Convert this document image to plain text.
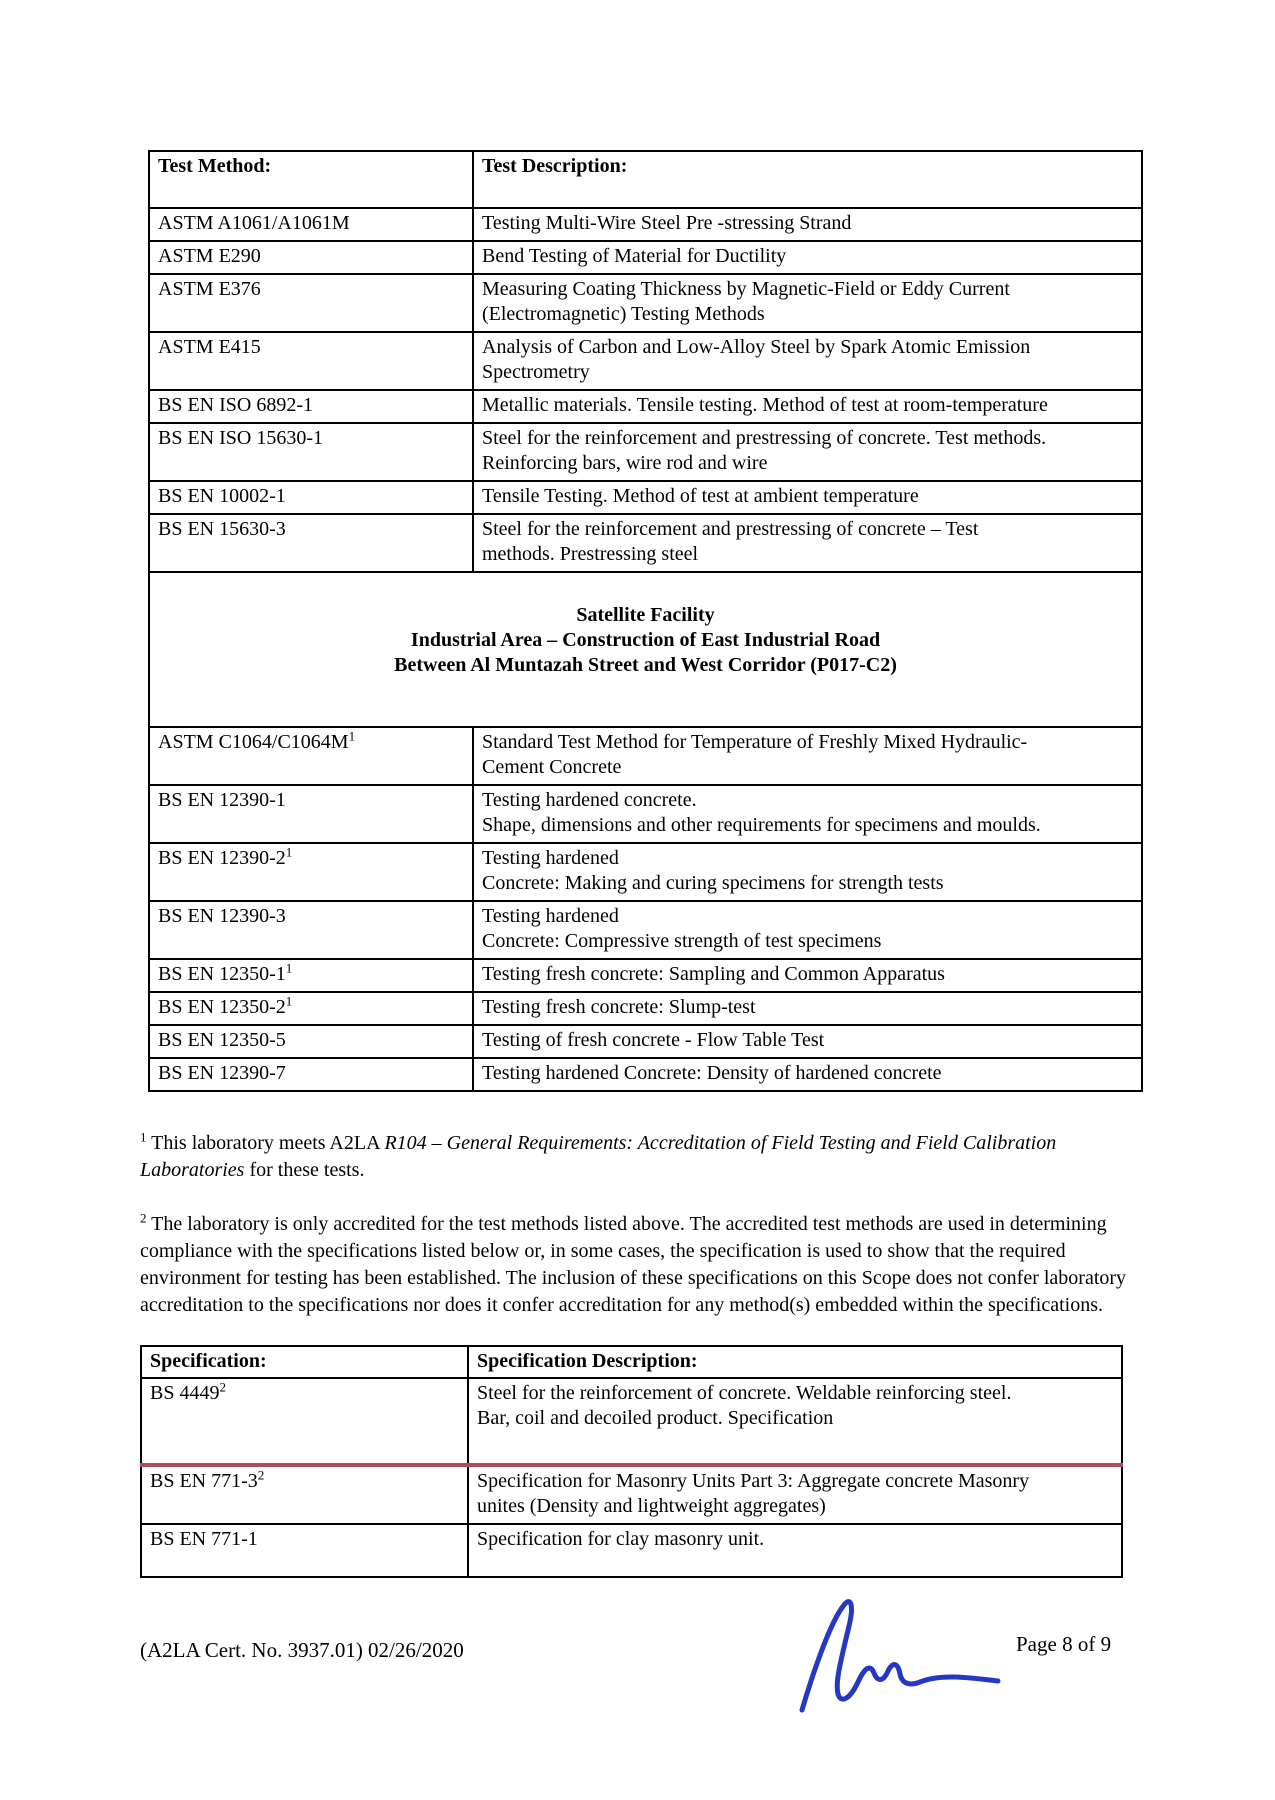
Test Method:	Test Description:
ASTM A1061/A1061M	Testing Multi-Wire Steel Pre -stressing Strand

ASTM E290	Bend Testing of Material for Ductility

ASTM E376	Measuring Coating Thickness by Magnetic-Field or Eddy Current
(Electromagnetic) Testing Methods

ASTM E415	Analysis of Carbon and Low-Alloy Steel by Spark Atomic Emission
Spectrometry

BS EN ISO 6892-1	Metallic materials. Tensile testing. Method of test at room-temperature

BS EN ISO 15630-1	Steel for the reinforcement and prestressing of concrete. Test methods.
Reinforcing bars, wire rod and wire

BS EN 10002-1	Tensile Testing. Method of test at ambient temperature

BS EN 15630-3	Steel for the reinforcement and prestressing of concrete – Test
methods. Prestressing steel

Satellite Facility
Industrial Area – Construction of East Industrial Road
Between Al Muntazah Street and West Corridor (P017-C2)	

ASTM $C1064/C1064M^1$	Standard Test Method for Temperature of Freshly Mixed Hydraulic-
Cement Concrete

BS EN 12390-1	Testing hardened concrete.
Shape, dimensions and other requirements for specimens and moulds.

BS EN $12390-2^1$	Testing hardened
Concrete: Making and curing specimens for strength tests

BS EN 12390-3	Testing hardened
Concrete: Compressive strength of test specimens

BS EN $12350-1^1$	Testing fresh concrete: Sampling and Common Apparatus

BS EN $12350-2^1$	Testing fresh concrete: Slump-test

BS EN 12350-5	Testing of fresh concrete - Flow Table Test

BS EN 12390-7	Testing hardened Concrete: Density of hardened concrete

$^1$ This laboratory meets A2LA R104 – General Requirements: Accreditation of Field Testing and Field Calibration Laboratories for these tests.

$^2$ The laboratory is only accredited for the test methods listed above. The accredited test methods are used in determining compliance with the specifications listed below or, in some cases, the specification is used to show that the required environment for testing has been established. The inclusion of these specifications on this Scope does not confer laboratory accreditation to the specifications nor does it confer accreditation for any method(s) embedded within the specifications.

Specification:	Specification Description:
BS 4449$^2$	Steel for the reinforcement of concrete. Weldable reinforcing steel.
Bar, coil and decoiled product. Specification

BS EN $771-3^2$	Specification for Masonry Units Part 3: Aggregate concrete Masonry
unites (Density and lightweight aggregates)

BS EN 771-1	Specification for clay masonry unit.
(A2LA Cert. No. 3937.01) 02/26/2020	Page 8 of 9
